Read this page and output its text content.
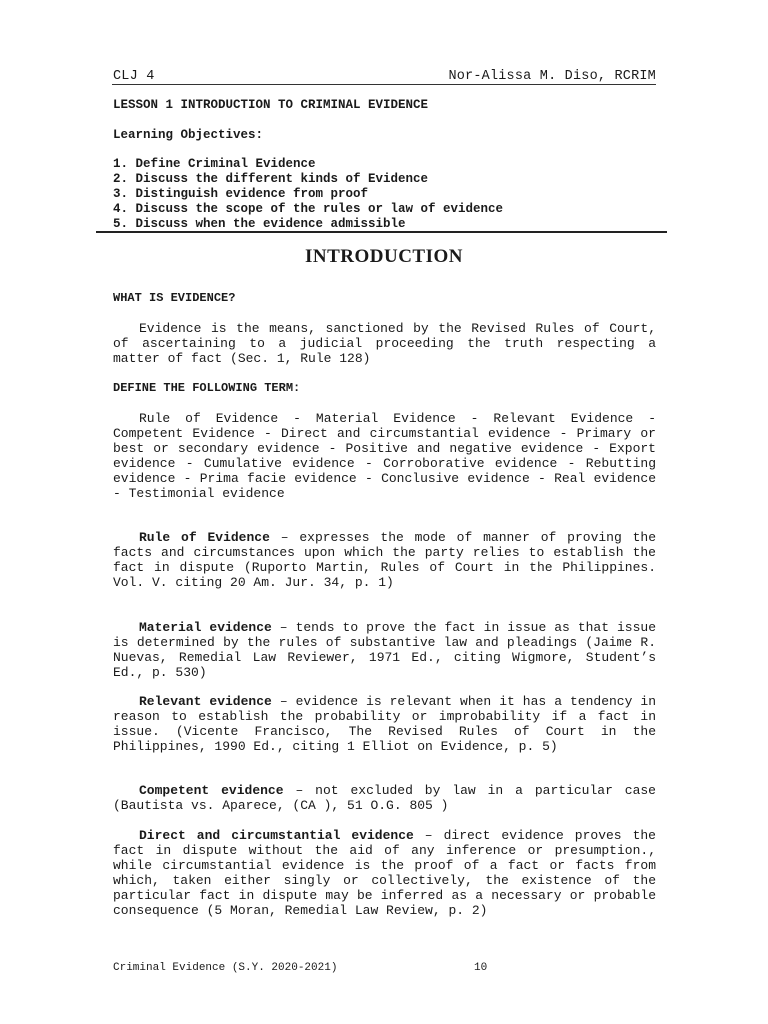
CLJ 4	Nor-Alissa M. Diso, RCRIM
LESSON 1 INTRODUCTION TO CRIMINAL EVIDENCE
Learning Objectives:
1. Define Criminal Evidence
2. Discuss the different kinds of Evidence
3. Distinguish evidence from proof
4. Discuss the scope of the rules or law of evidence
5. Discuss when the evidence admissible
INTRODUCTION
WHAT IS EVIDENCE?

Evidence is the means, sanctioned by the Revised Rules of Court, of ascertaining to a judicial proceeding the truth respecting a matter of fact (Sec. 1, Rule 128)

DEFINE THE FOLLOWING TERM:

Rule of Evidence - Material Evidence - Relevant Evidence - Competent Evidence - Direct and circumstantial evidence - Primary or best or secondary evidence - Positive and negative evidence - Export evidence - Cumulative evidence - Corroborative evidence - Rebutting evidence - Prima facie evidence - Conclusive evidence - Real evidence - Testimonial evidence

Rule of Evidence – expresses the mode of manner of proving the facts and circumstances upon which the party relies to establish the fact in dispute (Ruporto Martin, Rules of Court in the Philippines. Vol. V. citing 20 Am. Jur. 34, p. 1)

Material evidence – tends to prove the fact in issue as that issue is determined by the rules of substantive law and pleadings (Jaime R. Nuevas, Remedial Law Reviewer, 1971 Ed., citing Wigmore, Student’s Ed., p. 530)

Relevant evidence – evidence is relevant when it has a tendency in reason to establish the probability or improbability if a fact in issue. (Vicente Francisco, The Revised Rules of Court in the Philippines, 1990 Ed., citing 1 Elliot on Evidence, p. 5)

Competent evidence – not excluded by law in a particular case (Bautista vs. Aparece, (CA ), 51 O.G. 805 )

Direct and circumstantial evidence – direct evidence proves the fact in dispute without the aid of any inference or presumption., while circumstantial evidence is the proof of a fact or facts from which, taken either singly or collectively, the existence of the particular fact in dispute may be inferred as a necessary or probable consequence (5 Moran, Remedial Law Review, p. 2)

Criminal Evidence (S.Y. 2020-2021)	10
